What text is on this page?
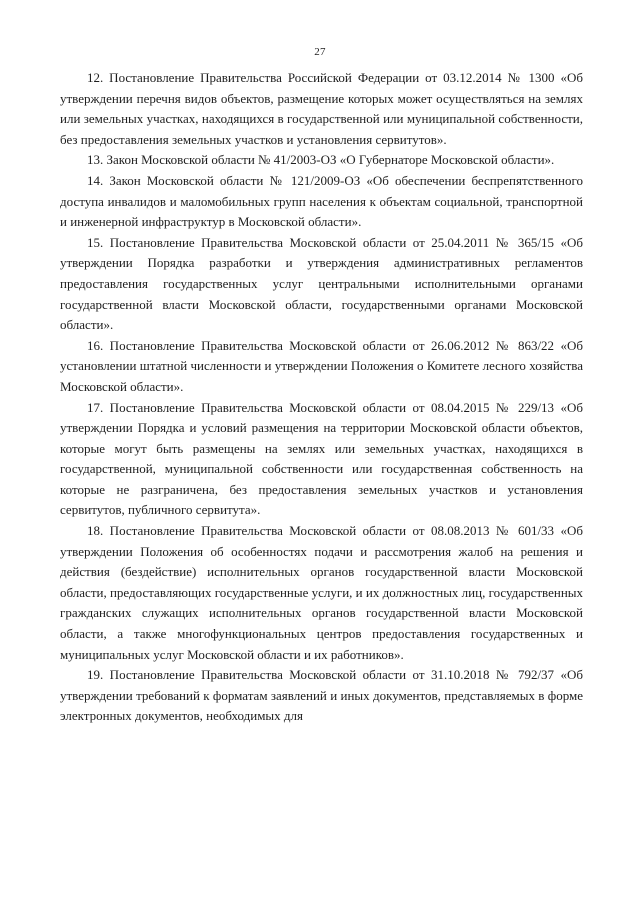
27

12. Постановление Правительства Российской Федерации от 03.12.2014 № 1300 «Об утверждении перечня видов объектов, размещение которых может осуществляться на землях или земельных участках, находящихся в государственной или муниципальной собственности, без предоставления земельных участков и установления сервитутов».

13. Закон Московской области № 41/2003-ОЗ «О Губернаторе Московской области».

14. Закон Московской области № 121/2009-ОЗ «Об обеспечении беспрепятственного доступа инвалидов и маломобильных групп населения к объектам социальной, транспортной и инженерной инфраструктур в Московской области».

15. Постановление Правительства Московской области от 25.04.2011 № 365/15 «Об утверждении Порядка разработки и утверждения административных регламентов предоставления государственных услуг центральными исполнительными органами государственной власти Московской области, государственными органами Московской области».

16. Постановление Правительства Московской области от 26.06.2012 № 863/22 «Об установлении штатной численности и утверждении Положения о Комитете лесного хозяйства Московской области».

17. Постановление Правительства Московской области от 08.04.2015 № 229/13 «Об утверждении Порядка и условий размещения на территории Московской области объектов, которые могут быть размещены на землях или земельных участках, находящихся в государственной, муниципальной собственности или государственная собственность на которые не разграничена, без предоставления земельных участков и установления сервитутов, публичного сервитута».

18. Постановление Правительства Московской области от 08.08.2013 № 601/33 «Об утверждении Положения об особенностях подачи и рассмотрения жалоб на решения и действия (бездействие) исполнительных органов государственной власти Московской области, предоставляющих государственные услуги, и их должностных лиц, государственных гражданских служащих исполнительных органов государственной власти Московской области, а также многофункциональных центров предоставления государственных и муниципальных услуг Московской области и их работников».

19. Постановление Правительства Московской области от 31.10.2018 № 792/37 «Об утверждении требований к форматам заявлений и иных документов, представляемых в форме электронных документов, необходимых для
